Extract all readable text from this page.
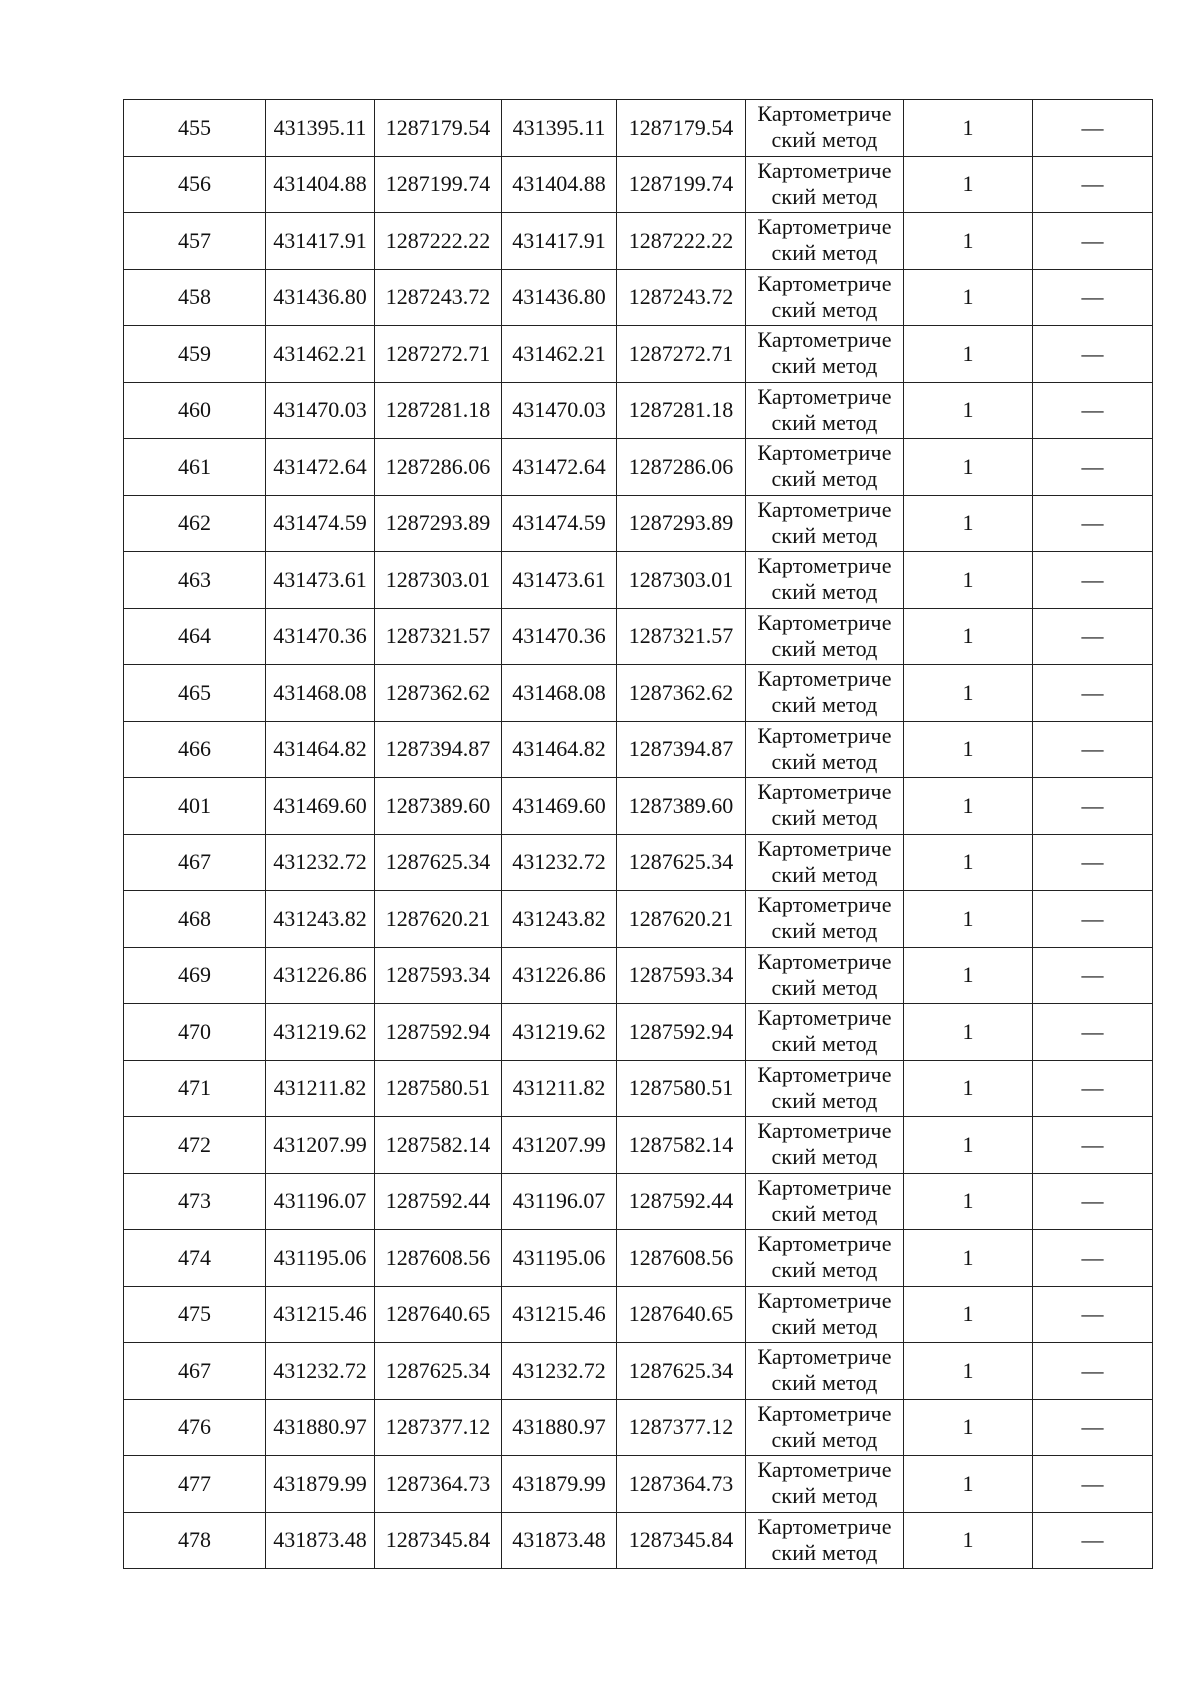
455	431395.11	1287179.54	431395.11	1287179.54	Картометриче
ский метод	1	—
456	431404.88	1287199.74	431404.88	1287199.74	Картометриче
ский метод	1	—
457	431417.91	1287222.22	431417.91	1287222.22	Картометриче
ский метод	1	—
458	431436.80	1287243.72	431436.80	1287243.72	Картометриче
ский метод	1	—
459	431462.21	1287272.71	431462.21	1287272.71	Картометриче
ский метод	1	—
460	431470.03	1287281.18	431470.03	1287281.18	Картометриче
ский метод	1	—
461	431472.64	1287286.06	431472.64	1287286.06	Картометриче
ский метод	1	—
462	431474.59	1287293.89	431474.59	1287293.89	Картометриче
ский метод	1	—
463	431473.61	1287303.01	431473.61	1287303.01	Картометриче
ский метод	1	—
464	431470.36	1287321.57	431470.36	1287321.57	Картометриче
ский метод	1	—
465	431468.08	1287362.62	431468.08	1287362.62	Картометриче
ский метод	1	—
466	431464.82	1287394.87	431464.82	1287394.87	Картометриче
ский метод	1	—
401	431469.60	1287389.60	431469.60	1287389.60	Картометриче
ский метод	1	—
467	431232.72	1287625.34	431232.72	1287625.34	Картометриче
ский метод	1	—
468	431243.82	1287620.21	431243.82	1287620.21	Картометриче
ский метод	1	—
469	431226.86	1287593.34	431226.86	1287593.34	Картометриче
ский метод	1	—
470	431219.62	1287592.94	431219.62	1287592.94	Картометриче
ский метод	1	—
471	431211.82	1287580.51	431211.82	1287580.51	Картометриче
ский метод	1	—
472	431207.99	1287582.14	431207.99	1287582.14	Картометриче
ский метод	1	—
473	431196.07	1287592.44	431196.07	1287592.44	Картометриче
ский метод	1	—
474	431195.06	1287608.56	431195.06	1287608.56	Картометриче
ский метод	1	—
475	431215.46	1287640.65	431215.46	1287640.65	Картометриче
ский метод	1	—
467	431232.72	1287625.34	431232.72	1287625.34	Картометриче
ский метод	1	—
476	431880.97	1287377.12	431880.97	1287377.12	Картометриче
ский метод	1	—
477	431879.99	1287364.73	431879.99	1287364.73	Картометриче
ский метод	1	—
478	431873.48	1287345.84	431873.48	1287345.84	Картометриче
ский метод	1	—
